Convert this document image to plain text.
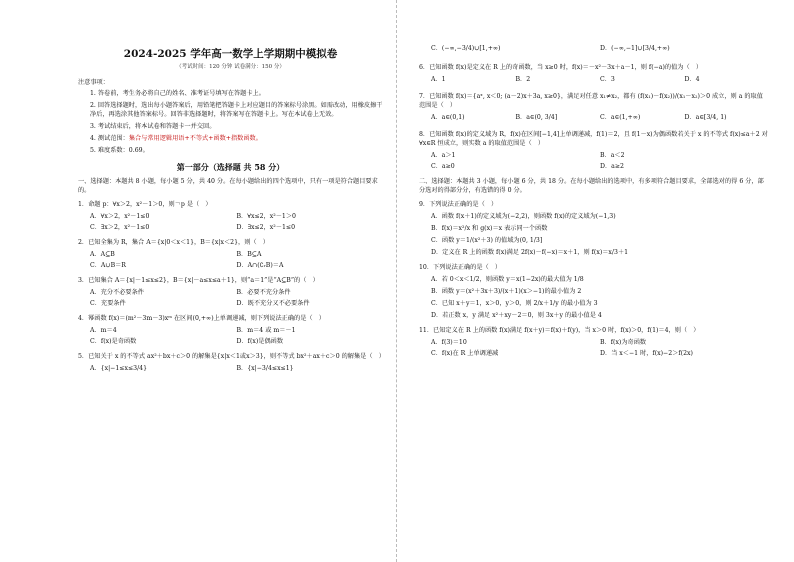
2024-2025 学年高一数学上学期期中模拟卷
（考试时间：120 分钟 试卷满分：150 分）
注意事项：
1. 答卷前，考生务必将自己的姓名、准考证号填写在答题卡上。
2. 回答选择题时，选出每小题答案后，用铅笔把答题卡上对应题目的答案标号涂黑。如需改动，用橡皮擦干净后，再选涂其他答案标号。回答非选择题时，将答案写在答题卡上。写在本试卷上无效。
3. 考试结束后，将本试卷和答题卡一并交回。
4. 测试范围：集合与常用逻辑用语+不等式+函数+指数函数。
5. 难度系数：0.69。
第一部分（选择题 共 58 分）
一、选择题：本题共 8 小题，每小题 5 分，共 40 分。在每小题给出的四个选项中，只有一项是符合题目要求的。
1．命题 p：∀x＞2，x²－1＞0，则￢p 是（　）
A．∀x＞2，x²－1≤0	B．∀x≤2，x²－1＞0
C．∃x＞2，x²－1≤0	D．∃x≤2，x²－1≤0
2．已知全集为 R，集合 A＝{x|0＜x＜1}，B＝{x|x＜2}，则（　）
A．A⊆B	B．B⊆A
C．A∪B＝R	D．A∩(∁ᵣB)＝A
3．已知集合 A＝{x|－1≤x≤2}，B＝{x|－a≤x≤a＋1}，则“a＝1”是“A⊆B”的（　）
A．充分不必要条件	B．必要不充分条件
C．充要条件	D．既不充分又不必要条件
4．幂函数 f(x)＝(m²－3m－3)xᵐ 在区间(0,+∞)上单调递减，则下列说法正确的是（　）
A．m＝4	B．m＝4 或 m＝－1
C．f(x)是奇函数	D．f(x)是偶函数
5．已知关于 x 的不等式 ax²＋bx＋c＞0 的解集是{x|x＜1或x＞3}，则不等式 bx²＋ax＋c＞0 的解集是（　）
A．{x|−1≤x≤3/4}	B．{x|−3/4≤x≤1}
C．(−∞,−3/4)∪[1,+∞)	D．(−∞,−1]∪[3/4,+∞)
6．已知函数 f(x)是定义在 R 上的奇函数，当 x≥0 时，f(x)＝－x²－3x＋a－1，则 f(−a)的值为（　）
A．1	B．2	C．3	D．4
7．已知函数 f(x)＝{aˣ, x＜0; (a－2)x＋3a, x≥0}，满足对任意 x₁≠x₂，都有 (f(x₁)－f(x₂))/(x₁－x₂)＞0 成立，则 a 的取值范围是（　）
A．a∈(0,1)	B．a∈(0, 3/4]	C．a∈(1,+∞)	D．a∈[3/4, 1)
8．已知函数 f(x)的定义域为 R，f(x)在区间[−1,4]上单调递减，f(1)＝2，且 f(1－x)为偶函数若关于 x 的不等式 f(x)≤a＋2 对∀x∈R 恒成立，则实数 a 的取值范围是（　）
A．a＞1	B．a＜2
C．a≥0	D．a≥2
二、选择题：本题共 3 小题，每小题 6 分，共 18 分。在每小题给出的选项中，有多项符合题目要求，全部选对的得 6 分，部分选对的得部分分，有选错的得 0 分。
9．下列说法正确的是（　）
A．函数 f(x＋1)的定义域为(−2,2)，则函数 f(x)的定义域为(−1,3)
B．f(x)＝x²/x 和 g(x)＝x 表示同一个函数
C．函数 y＝1/(x²＋3) 的值域为(0, 1/3]
D．定义在 R 上的函数 f(x)满足 2f(x)－f(−x)＝x＋1，则 f(x)＝x/3＋1
10．下列说法正确的是（　）
A．若 0＜x＜1/2，则函数 y＝x(1−2x)的最大值为 1/8
B．函数 y＝(x²＋3x＋3)/(x＋1)(x＞−1)的最小值为 2
C．已知 x＋y＝1，x＞0，y＞0，则 2/x＋1/y 的最小值为 3
D．若正数 x，y 满足 x²＋xy－2＝0，则 3x＋y 的最小值是 4
11．已知定义在 R 上的函数 f(x)满足 f(x＋y)＝f(x)＋f(y)，当 x＞0 时，f(x)＞0，f(1)＝4，则（　）
A．f(3)＝10	B．f(x)为奇函数
C．f(x)在 R 上单调递减	D．当 x＜−1 时，f(x)−2＞f(2x)
